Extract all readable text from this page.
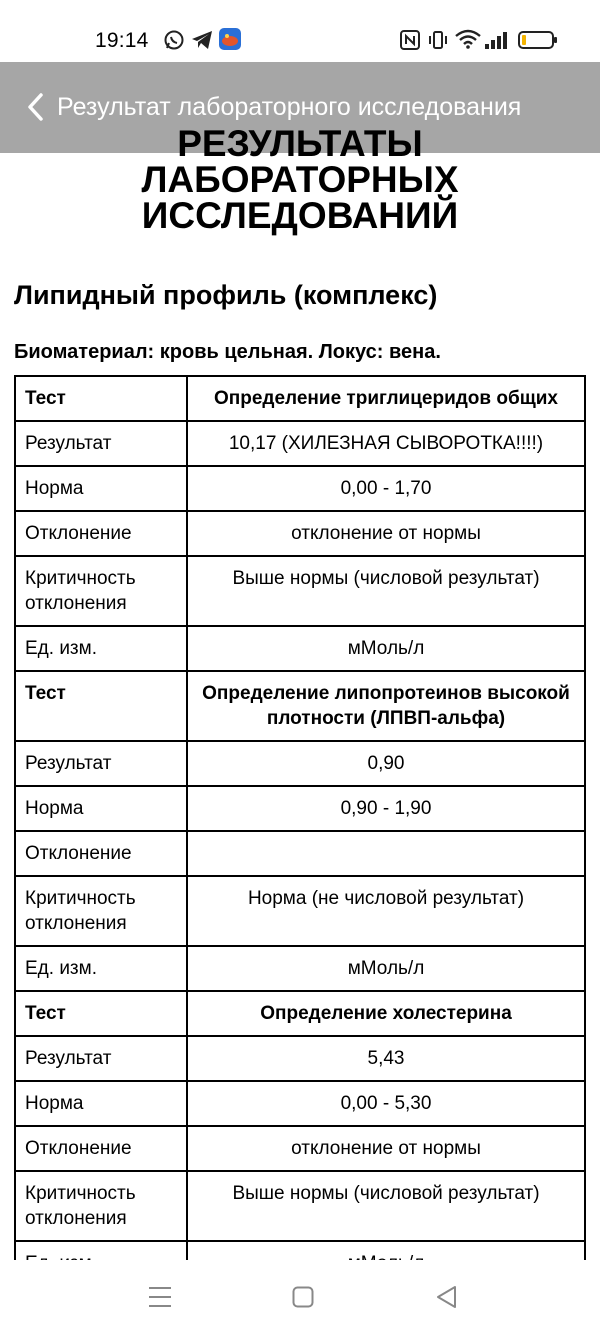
19:14
Результат лабораторного исследования
РЕЗУЛЬТАТЫ
ЛАБОРАТОРНЫХ
ИССЛЕДОВАНИЙ
Липидный профиль (комплекс)
Биоматериал: кровь цельная. Локус: вена.
Тест	Определение триглицеридов общих
Результат	10,17 (ХИЛЕЗНАЯ СЫВОРОТКА!!!!)
Норма	0,00 - 1,70
Отклонение	отклонение от нормы
Критичность отклонения	Выше нормы (числовой результат)
Ед. изм.	мМоль/л
Тест	Определение липопротеинов высокой плотности (ЛПВП-альфа)
Результат	0,90
Норма	0,90 - 1,90
Отклонение	
Критичность отклонения	Норма (не числовой результат)
Ед. изм.	мМоль/л
Тест	Определение холестерина
Результат	5,43
Норма	0,00 - 5,30
Отклонение	отклонение от нормы
Критичность отклонения	Выше нормы (числовой результат)
